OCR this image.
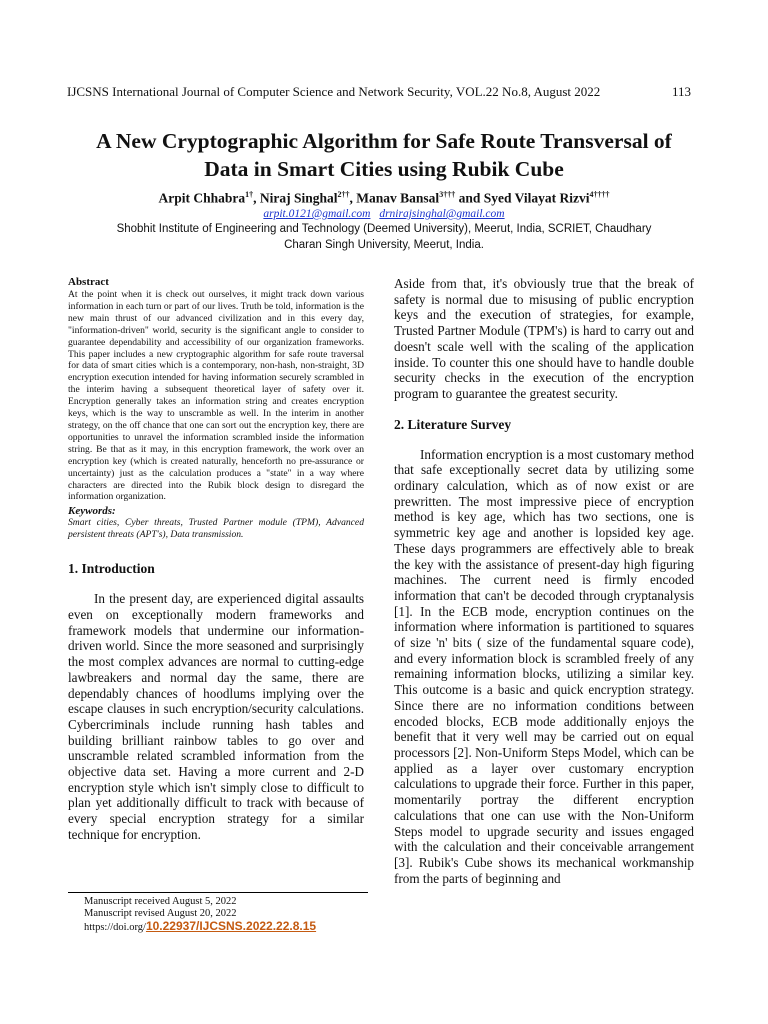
IJCSNS International Journal of Computer Science and Network Security, VOL.22 No.8, August 2022	113
A New Cryptographic Algorithm for Safe Route Transversal of
Data in Smart Cities using Rubik Cube
Arpit Chhabra$^{1\dagger}$, Niraj Singhal$^{2\dagger\dagger}$, Manav Bansal$^{3\dagger\dagger\dagger}$ and Syed Vilayat Rizvi$^{4\dagger\dagger\dagger\dagger}$
arpit.0121@gmail.com drnirajsinghal@gmail.com
Shobhit Institute of Engineering and Technology (Deemed University), Meerut, India, SCRIET, Chaudhary
Charan Singh University, Meerut, India.

Abstract

At the point when it is check out ourselves, it might track down various information in each turn or part of our lives. Truth be told, information is the new main thrust of our advanced civilization and in this every day, "information-driven" world, security is the significant angle to consider to guarantee dependability and accessibility of our organization frameworks. This paper includes a new cryptographic algorithm for safe route traversal for data of smart cities which is a contemporary, non-hash, non-straight, 3D encryption execution intended for having information securely scrambled in the interim having a subsequent theoretical layer of safety over it. Encryption generally takes an information string and creates encryption keys, which is the way to unscramble as well. In the interim in another strategy, on the off chance that one can sort out the encryption key, there are opportunities to unravel the information scrambled inside the information string. Be that as it may, in this encryption framework, the work over an encryption key (which is created naturally, henceforth no pre-assurance or uncertainty) just as the calculation produces a "state" in a way where characters are directed into the Rubik block design to disregard the information organization.

Keywords:

Smart cities, Cyber threats, Trusted Partner module (TPM), Advanced persistent threats (APT's), Data transmission.

1. Introduction

In the present day, are experienced digital assaults even on exceptionally modern frameworks and framework models that undermine our information-driven world. Since the more seasoned and surprisingly the most complex advances are normal to cutting-edge lawbreakers and normal day the same, there are dependably chances of hoodlums implying over the escape clauses in such encryption/security calculations. Cybercriminals include running hash tables and building brilliant rainbow tables to go over and unscramble related scrambled information from the objective data set. Having a more current and 2-D encryption style which isn't simply close to difficult to plan yet additionally difficult to track with because of every special encryption strategy for a similar technique for encryption.

Aside from that, it's obviously true that the break of safety is normal due to misusing of public encryption keys and the execution of strategies, for example, Trusted Partner Module (TPM's) is hard to carry out and doesn't scale well with the scaling of the application inside. To counter this one should have to handle double security checks in the execution of the encryption program to guarantee the greatest security.

2. Literature Survey

Information encryption is a most customary method that safe exceptionally secret data by utilizing some ordinary calculation, which as of now exist or are prewritten. The most impressive piece of encryption method is key age, which has two sections, one is symmetric key age and another is lopsided key age. These days programmers are effectively able to break the key with the assistance of present-day high figuring machines. The current need is firmly encoded information that can't be decoded through cryptanalysis [1]. In the ECB mode, encryption continues on the information where information is partitioned to squares of size 'n' bits ( size of the fundamental square code), and every information block is scrambled freely of any remaining information blocks, utilizing a similar key. This outcome is a basic and quick encryption strategy. Since there are no information conditions between encoded blocks, ECB mode additionally enjoys the benefit that it very well may be carried out on equal processors [2]. Non-Uniform Steps Model, which can be applied as a layer over customary encryption calculations to upgrade their force. Further in this paper, momentarily portray the different encryption calculations that one can use with the Non-Uniform Steps model to upgrade security and issues engaged with the calculation and their conceivable arrangement [3]. Rubik's Cube shows its mechanical workmanship from the parts of beginning and

Manuscript received August 5, 2022
Manuscript revised August 20, 2022
https://doi.org/10.22937/IJCSNS.2022.22.8.15
